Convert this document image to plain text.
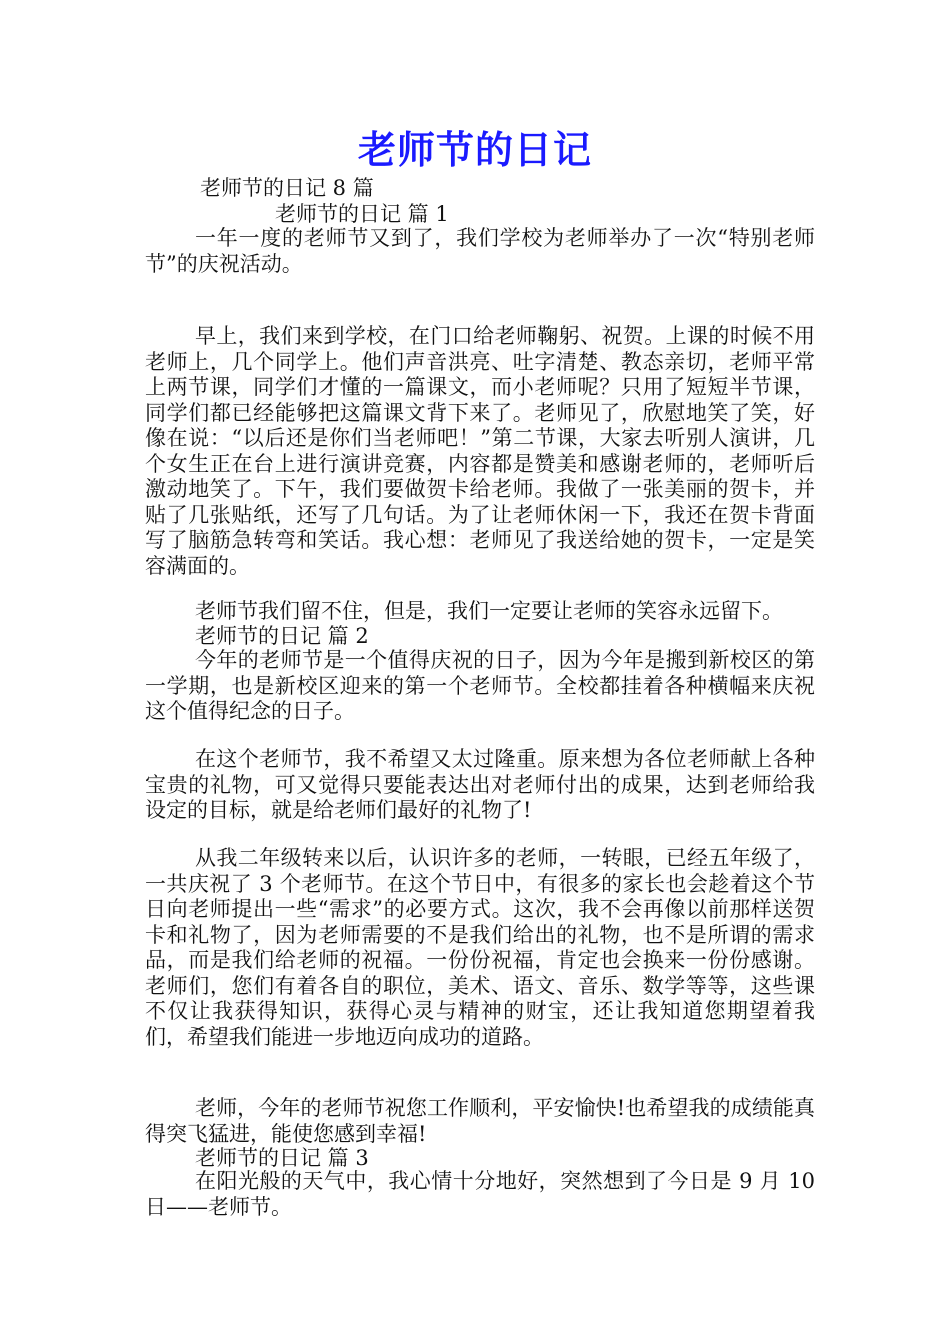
老师节的日记
老师节的日记 8 篇
老师节的日记 篇 1

一年一度的老师节又到了，我们学校为老师举办了一次“特别老师节”的庆祝活动。

早上，我们来到学校，在门口给老师鞠躬、祝贺。上课的时候不用老师上，几个同学上。他们声音洪亮、吐字清楚、教态亲切，老师平常上两节课，同学们才懂的一篇课文，而小老师呢？只用了短短半节课，同学们都已经能够把这篇课文背下来了。老师见了，欣慰地笑了笑，好像在说：“以后还是你们当老师吧！”第二节课，大家去听别人演讲，几个女生正在台上进行演讲竞赛，内容都是赞美和感谢老师的，老师听后激动地笑了。下午，我们要做贺卡给老师。我做了一张美丽的贺卡，并贴了几张贴纸，还写了几句话。为了让老师休闲一下，我还在贺卡背面写了脑筋急转弯和笑话。我心想：老师见了我送给她的贺卡，一定是笑容满面的。

老师节我们留不住，但是，我们一定要让老师的笑容永远留下。

老师节的日记 篇 2

今年的老师节是一个值得庆祝的日子，因为今年是搬到新校区的第一学期，也是新校区迎来的第一个老师节。全校都挂着各种横幅来庆祝这个值得纪念的日子。

在这个老师节，我不希望又太过隆重。原来想为各位老师献上各种宝贵的礼物，可又觉得只要能表达出对老师付出的成果，达到老师给我设定的目标，就是给老师们最好的礼物了!

从我二年级转来以后，认识许多的老师，一转眼，已经五年级了，一共庆祝了 3 个老师节。在这个节日中，有很多的家长也会趁着这个节日向老师提出一些“需求”的必要方式。这次，我不会再像以前那样送贺卡和礼物了，因为老师需要的不是我们给出的礼物，也不是所谓的需求品，而是我们给老师的祝福。一份份祝福，肯定也会换来一份份感谢。老师们，您们有着各自的职位，美术、语文、音乐、数学等等，这些课不仅让我获得知识，获得心灵与精神的财宝，还让我知道您期望着我们，希望我们能进一步地迈向成功的道路。

老师，今年的老师节祝您工作顺利，平安愉快!也希望我的成绩能真得突飞猛进，能使您感到幸福!

老师节的日记 篇 3

在阳光般的天气中，我心情十分地好，突然想到了今日是 9 月 10 日——老师节。
